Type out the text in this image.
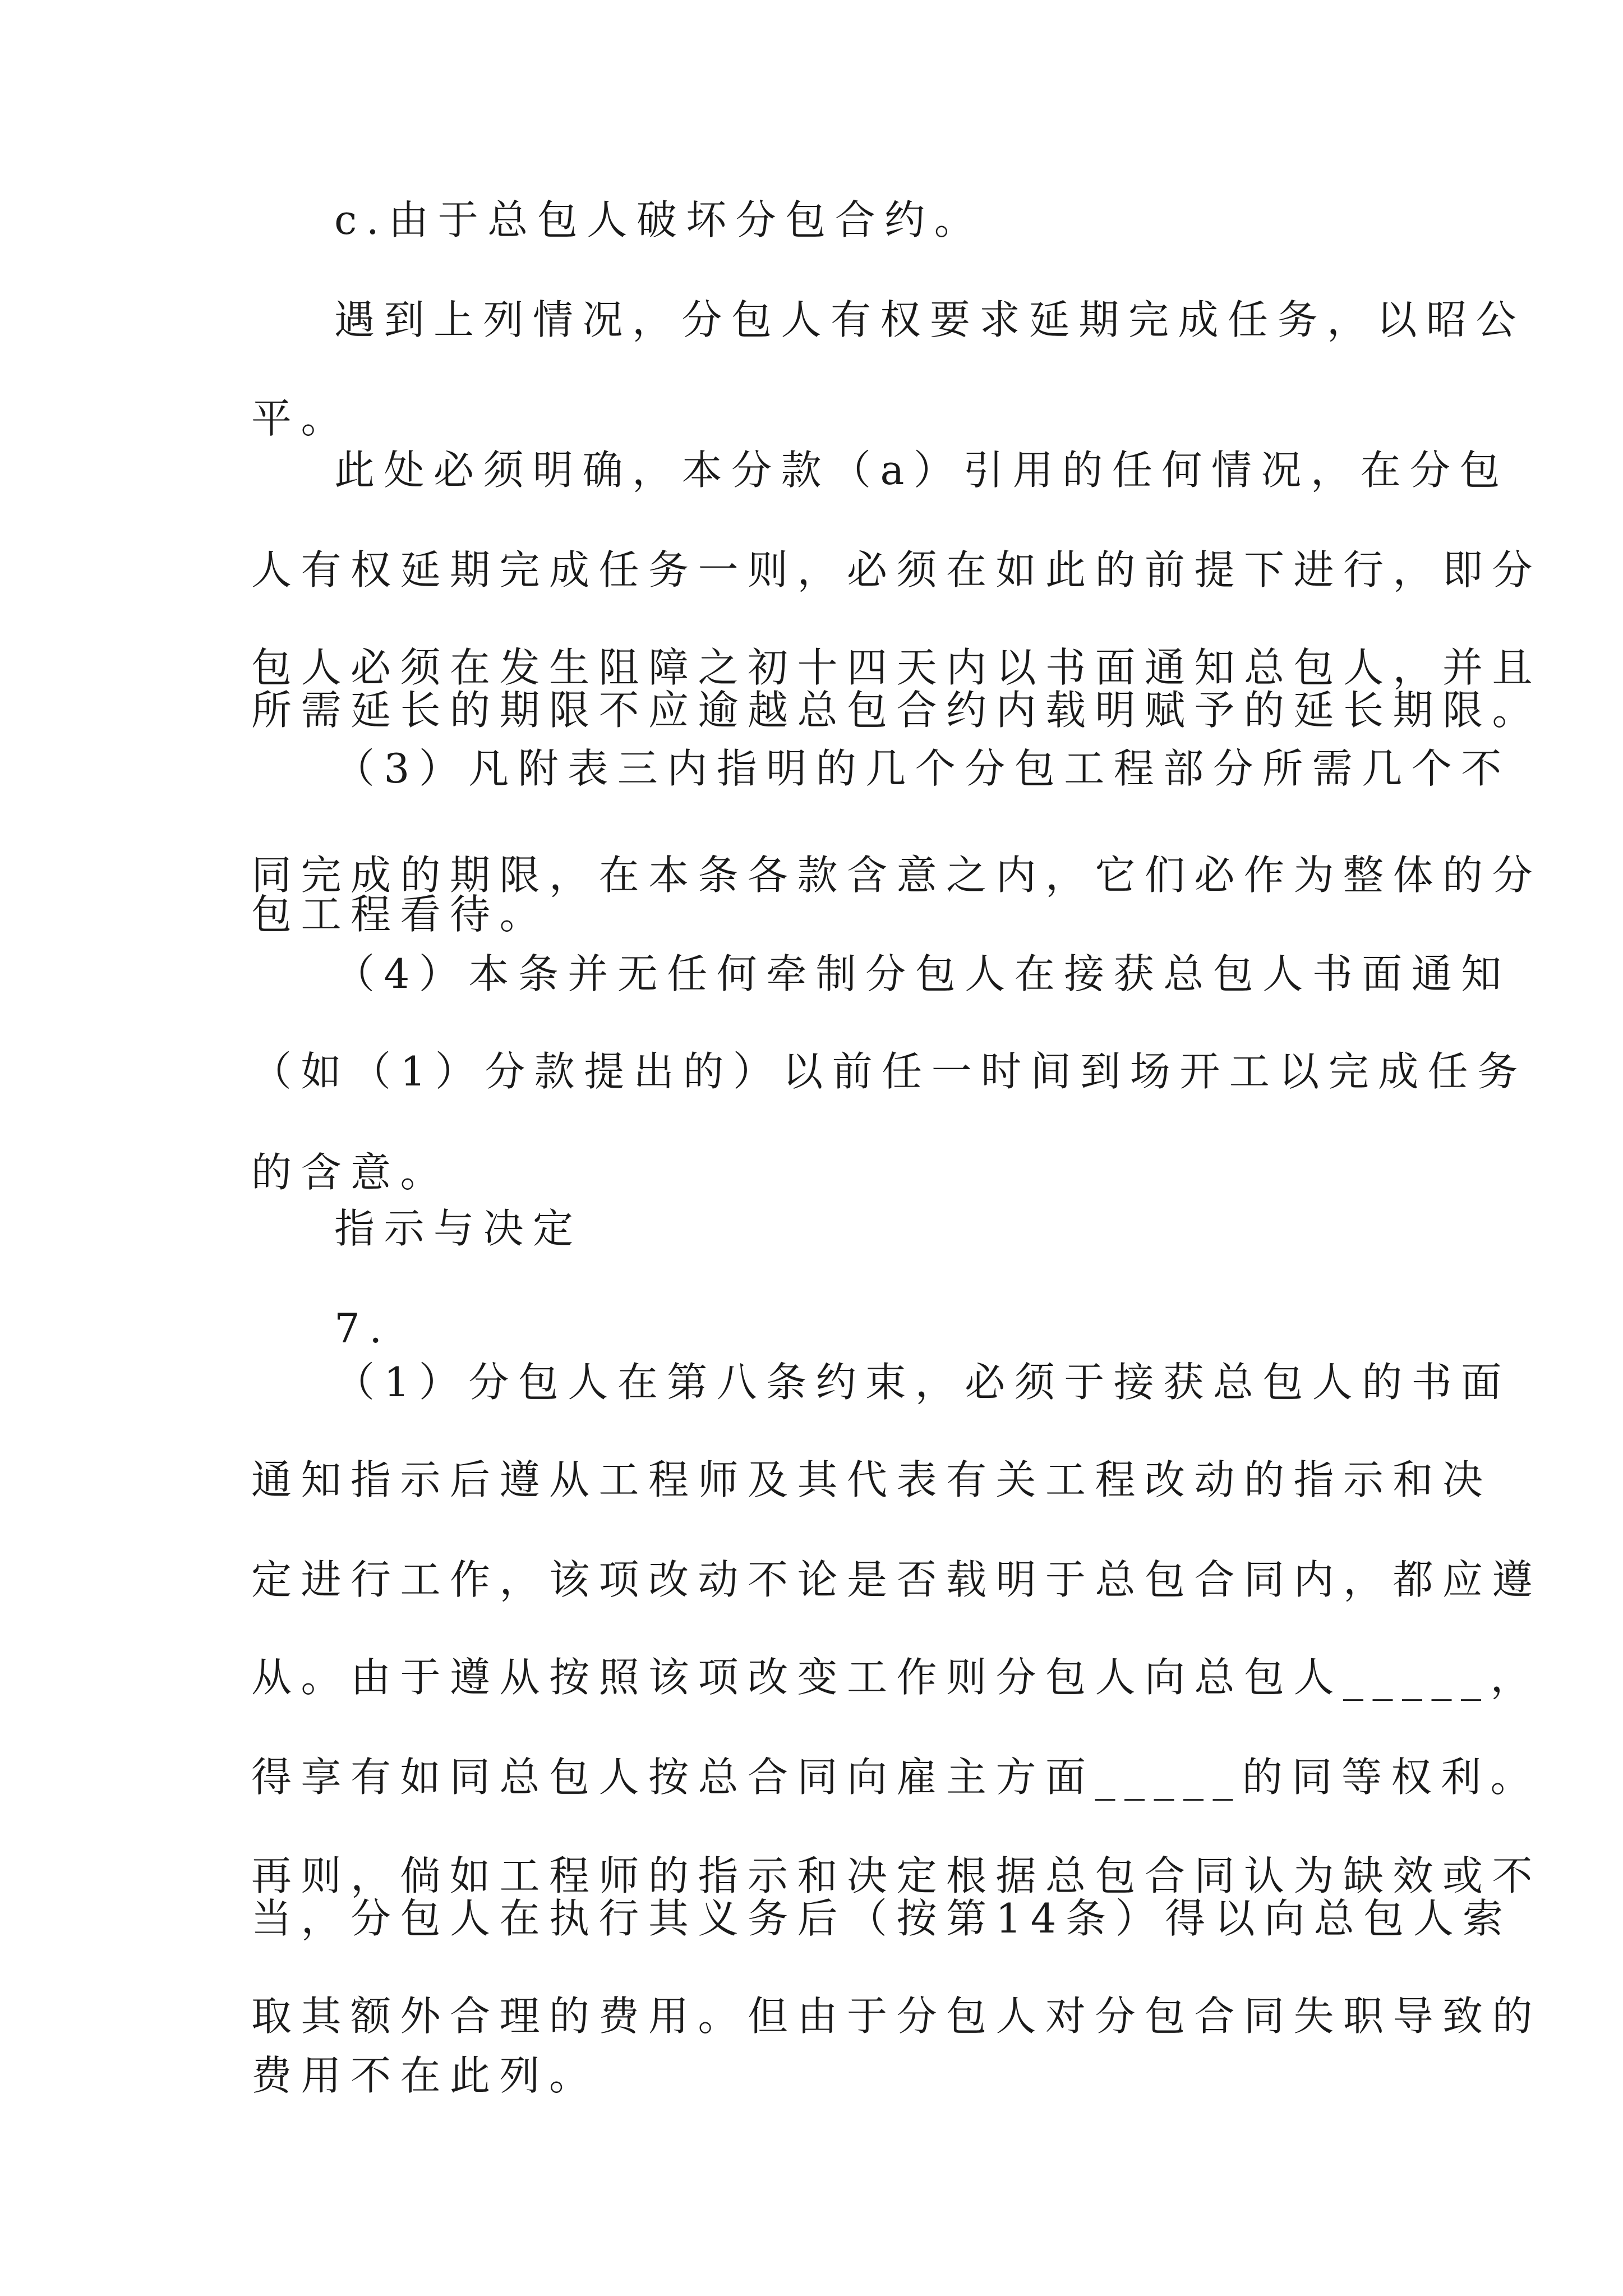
c.由于总包人破坏分包合约。
遇到上列情况，分包人有权要求延期完成任务，以昭公
平。
此处必须明确，本分款（a）引用的任何情况，在分包
人有权延期完成任务一则，必须在如此的前提下进行，即分
包人必须在发生阻障之初十四天内以书面通知总包人，并且
所需延长的期限不应逾越总包合约内载明赋予的延长期限。
（3）凡附表三内指明的几个分包工程部分所需几个不
同完成的期限，在本条各款含意之内，它们必作为整体的分
包工程看待。
（4）本条并无任何牵制分包人在接获总包人书面通知
（如（1）分款提出的）以前任一时间到场开工以完成任务
的含意。
指示与决定
7.
（1）分包人在第八条约束，必须于接获总包人的书面
通知指示后遵从工程师及其代表有关工程改动的指示和决
定进行工作，该项改动不论是否载明于总包合同内，都应遵
从。由于遵从按照该项改变工作则分包人向总包人_____，
得享有如同总包人按总合同向雇主方面_____的同等权利。
再则，倘如工程师的指示和决定根据总包合同认为缺效或不
当，分包人在执行其义务后（按第14条）得以向总包人索
取其额外合理的费用。但由于分包人对分包合同失职导致的
费用不在此列。
